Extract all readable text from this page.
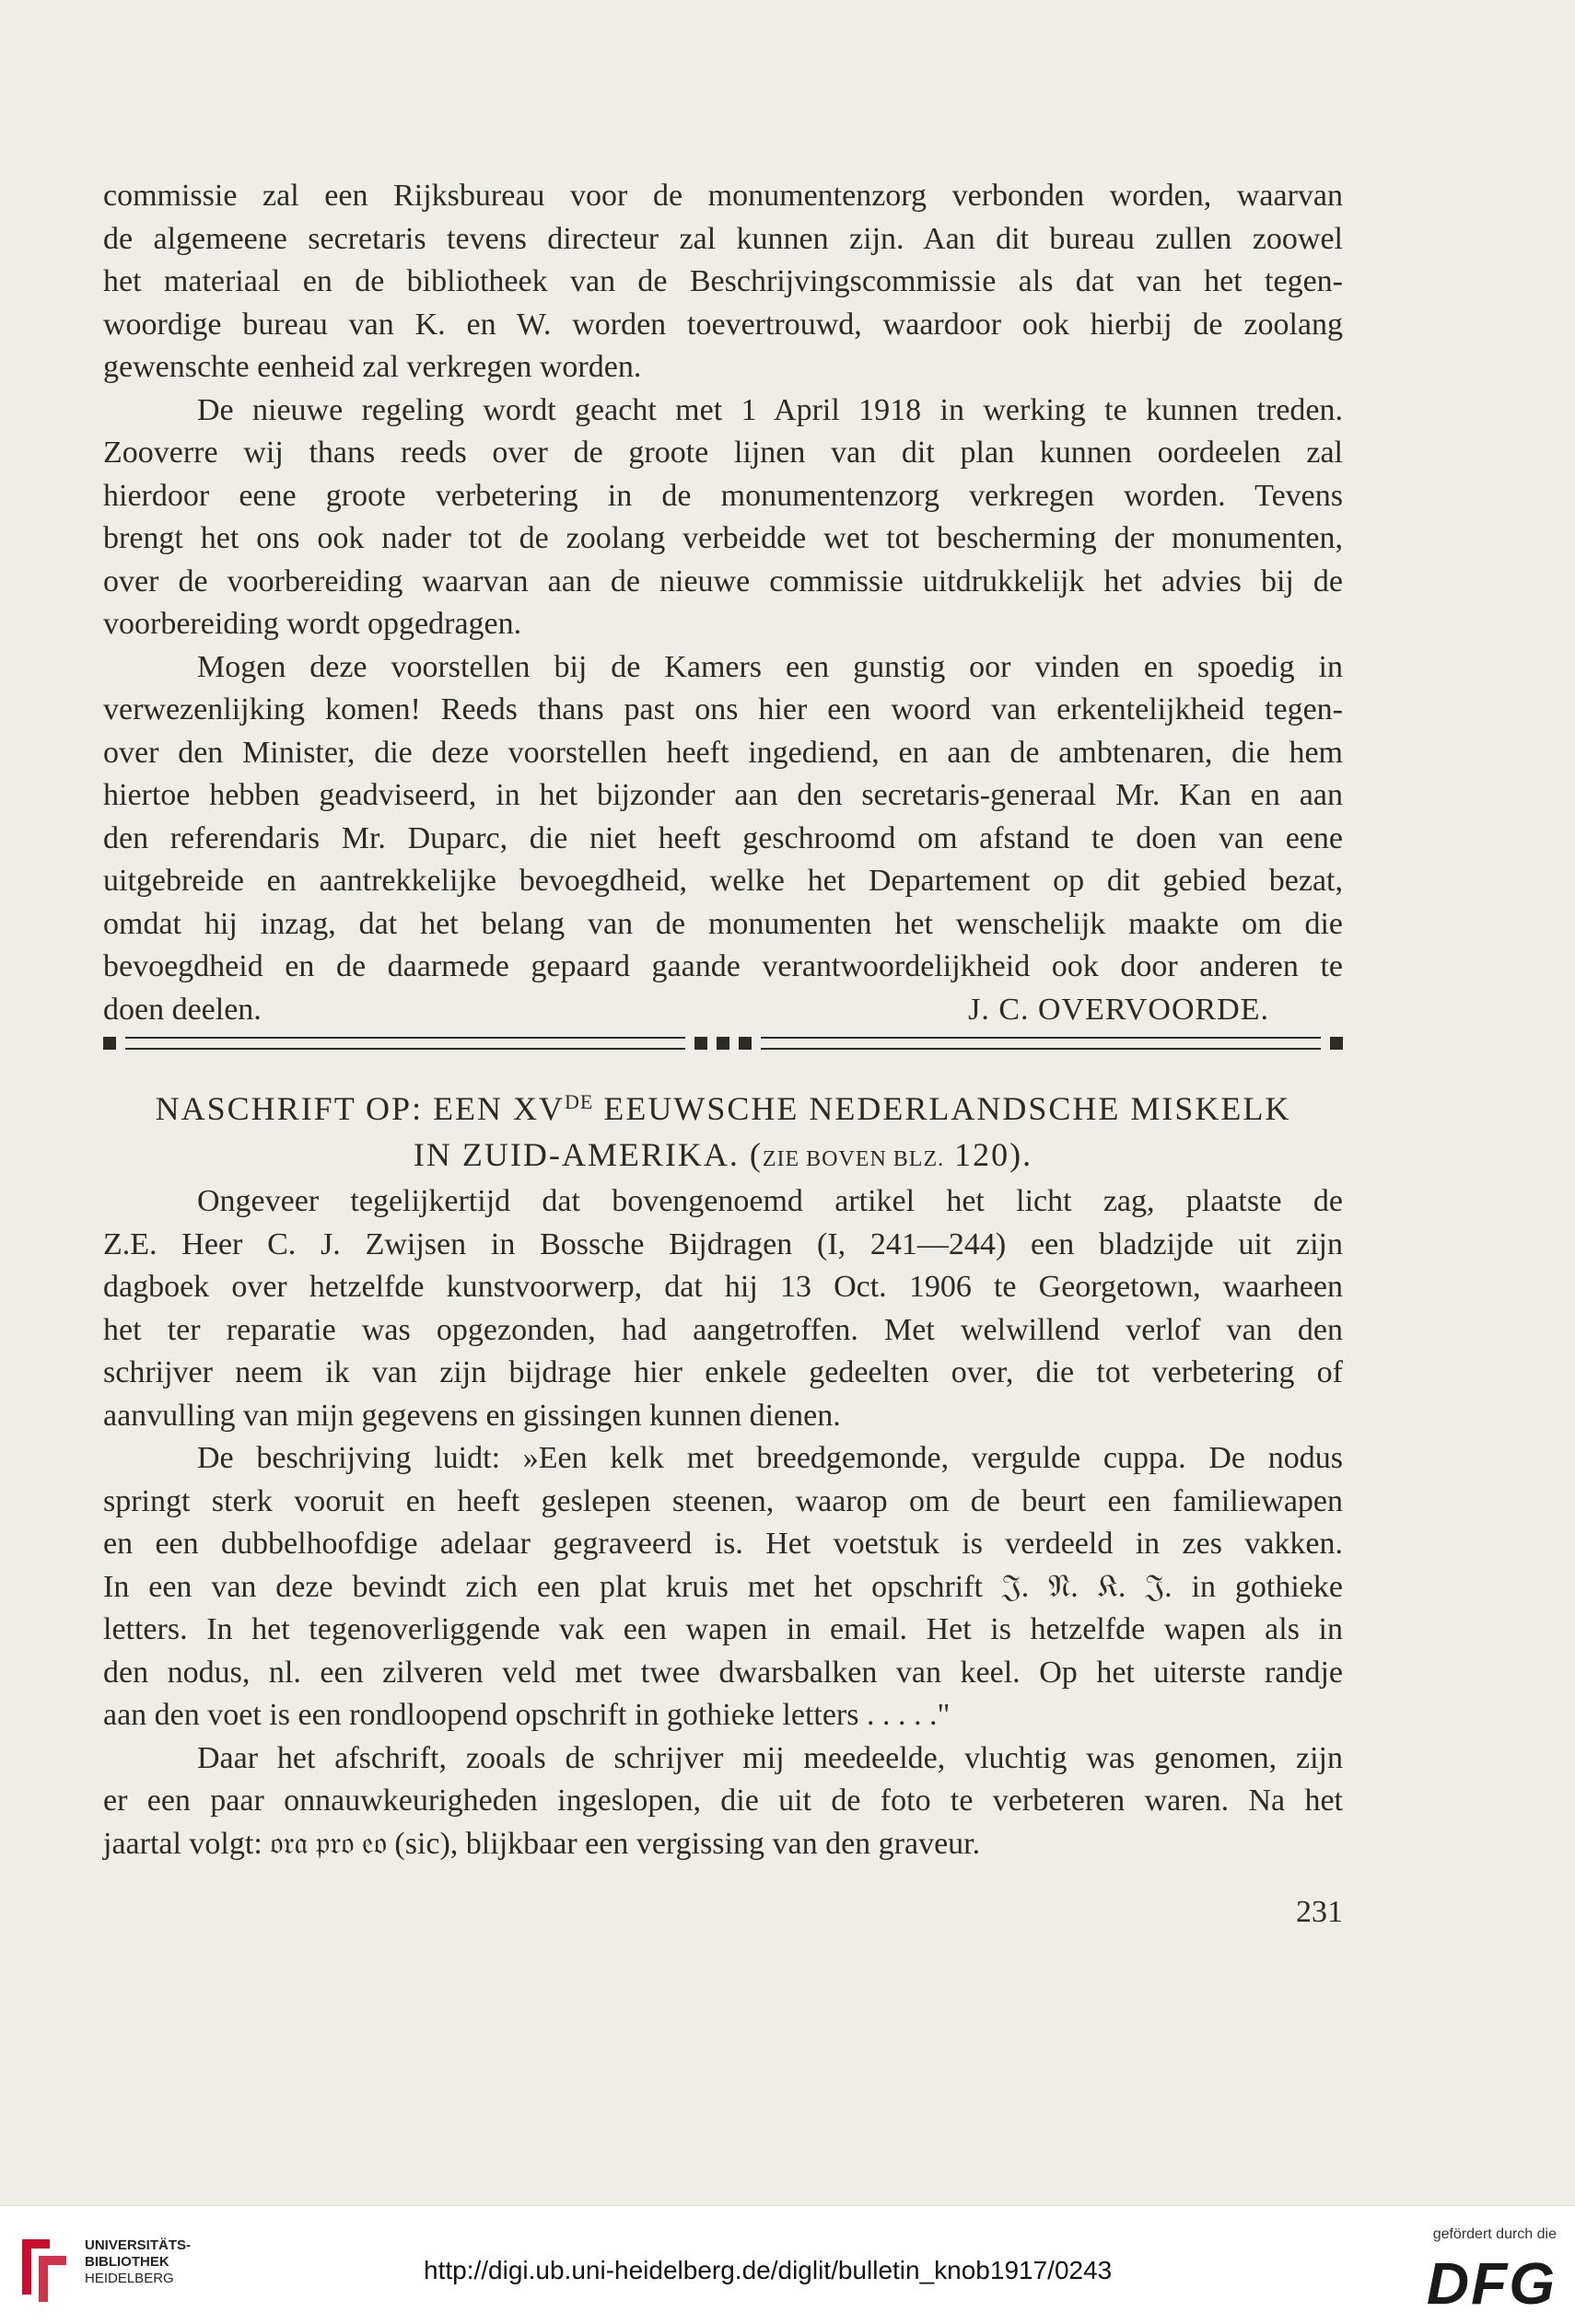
commissie zal een Rijksbureau voor de monumentenzorg verbonden worden, waarvan
de algemeene secretaris tevens directeur zal kunnen zijn. Aan dit bureau zullen zoowel
het materiaal en de bibliotheek van de Beschrijvingscommissie als dat van het tegen-
woordige bureau van K. en W. worden toevertrouwd, waardoor ook hierbij de zoolang
gewenschte eenheid zal verkregen worden.
De nieuwe regeling wordt geacht met 1 April 1918 in werking te kunnen treden.
Zooverre wij thans reeds over de groote lijnen van dit plan kunnen oordeelen zal
hierdoor eene groote verbetering in de monumentenzorg verkregen worden. Tevens
brengt het ons ook nader tot de zoolang verbeidde wet tot bescherming der monumenten,
over de voorbereiding waarvan aan de nieuwe commissie uitdrukkelijk het advies bij de
voorbereiding wordt opgedragen.
Mogen deze voorstellen bij de Kamers een gunstig oor vinden en spoedig in
verwezenlijking komen! Reeds thans past ons hier een woord van erkentelijkheid tegen-
over den Minister, die deze voorstellen heeft ingediend, en aan de ambtenaren, die hem
hiertoe hebben geadviseerd, in het bijzonder aan den secretaris-generaal Mr. Kan en aan
den referendaris Mr. Duparc, die niet heeft geschroomd om afstand te doen van eene
uitgebreide en aantrekkelijke bevoegdheid, welke het Departement op dit gebied bezat,
omdat hij inzag, dat het belang van de monumenten het wenschelijk maakte om die
bevoegdheid en de daarmede gepaard gaande verantwoordelijkheid ook door anderen te
doen deelen.	J. C. OVERVOORDE.
NASCHRIFT OP: EEN XVDE EEUWSCHE NEDERLANDSCHE MISKELK
IN ZUID-AMERIKA. (ZIE BOVEN BLZ. 120).
Ongeveer tegelijkertijd dat bovengenoemd artikel het licht zag, plaatste de
Z.E. Heer C. J. Zwijsen in Bossche Bijdragen (I, 241—244) een bladzijde uit zijn
dagboek over hetzelfde kunstvoorwerp, dat hij 13 Oct. 1906 te Georgetown, waarheen
het ter reparatie was opgezonden, had aangetroffen. Met welwillend verlof van den
schrijver neem ik van zijn bijdrage hier enkele gedeelten over, die tot verbetering of
aanvulling van mijn gegevens en gissingen kunnen dienen.
De beschrijving luidt: »Een kelk met breedgemonde, vergulde cuppa. De nodus
springt sterk vooruit en heeft geslepen steenen, waarop om de beurt een familiewapen
en een dubbelhoofdige adelaar gegraveerd is. Het voetstuk is verdeeld in zes vakken.
In een van deze bevindt zich een plat kruis met het opschrift 𝔍. 𝔑. 𝔎. 𝔍. in gothieke
letters. In het tegenoverliggende vak een wapen in email. Het is hetzelfde wapen als in
den nodus, nl. een zilveren veld met twee dwarsbalken van keel. Op het uiterste randje
aan den voet is een rondloopend opschrift in gothieke letters . . . . ."
Daar het afschrift, zooals de schrijver mij meedeelde, vluchtig was genomen, zijn
er een paar onnauwkeurigheden ingeslopen, die uit de foto te verbeteren waren. Na het
jaartal volgt: 𝔬𝔯𝔞 𝔭𝔯𝔬 𝔢𝔬 (sic), blijkbaar een vergissing van den graveur.
231
UNIVERSITÄTS-
BIBLIOTHEK
HEIDELBERG	http://digi.ub.uni-heidelberg.de/diglit/bulletin_knob1917/0243
gefördert durch die
DFG
